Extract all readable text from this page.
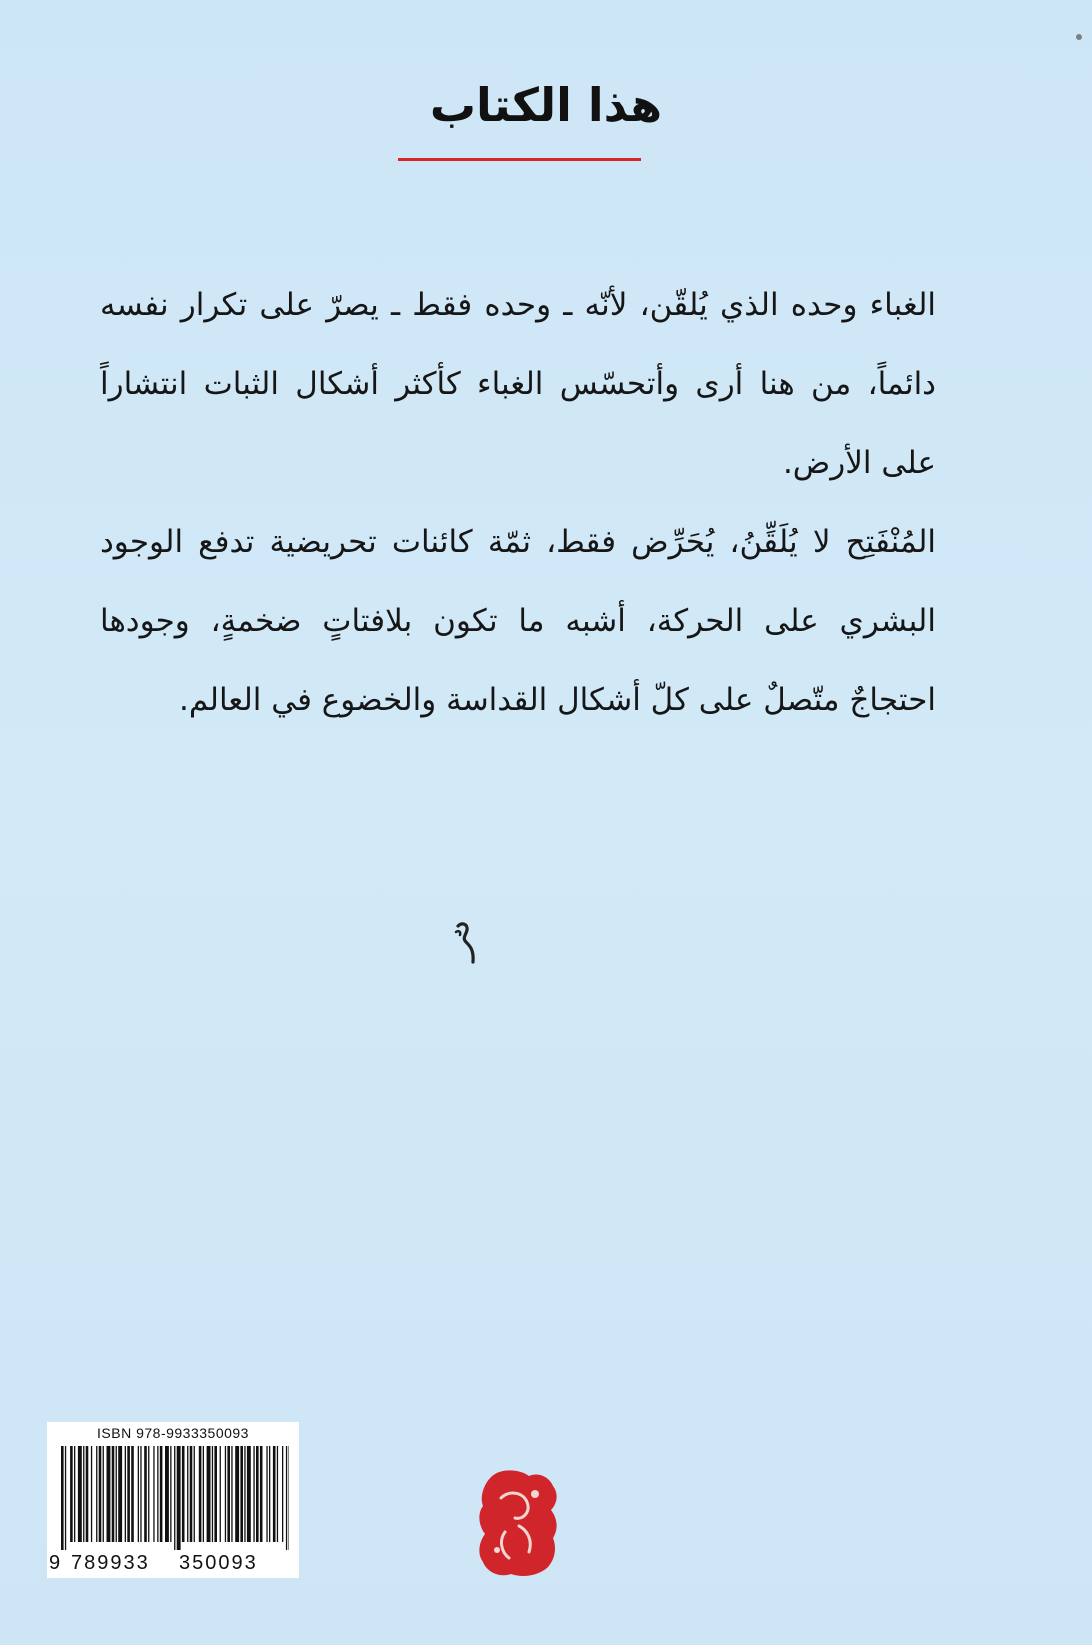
هذا الكتاب

الغباء وحده الذي يُلقّن، لأنّه ـ وحده فقط ـ يصرّ على تكرار نفسه دائماً، من هنا أرى وأتحسّس الغباء كأكثر أشكال الثبات انتشاراً على الأرض.

المُنْفَتِح لا يُلَقِّنُ، يُحَرِّض فقط، ثمّة كائنات تحريضية تدفع الوجود البشري على الحركة، أشبه ما تكون بلافتاتٍ ضخمةٍ، وجودها احتجاجٌ متّصلٌ على كلّ أشكال القداسة والخضوع في العالم.

ISBN 978-9933350093
9 789933 350093
